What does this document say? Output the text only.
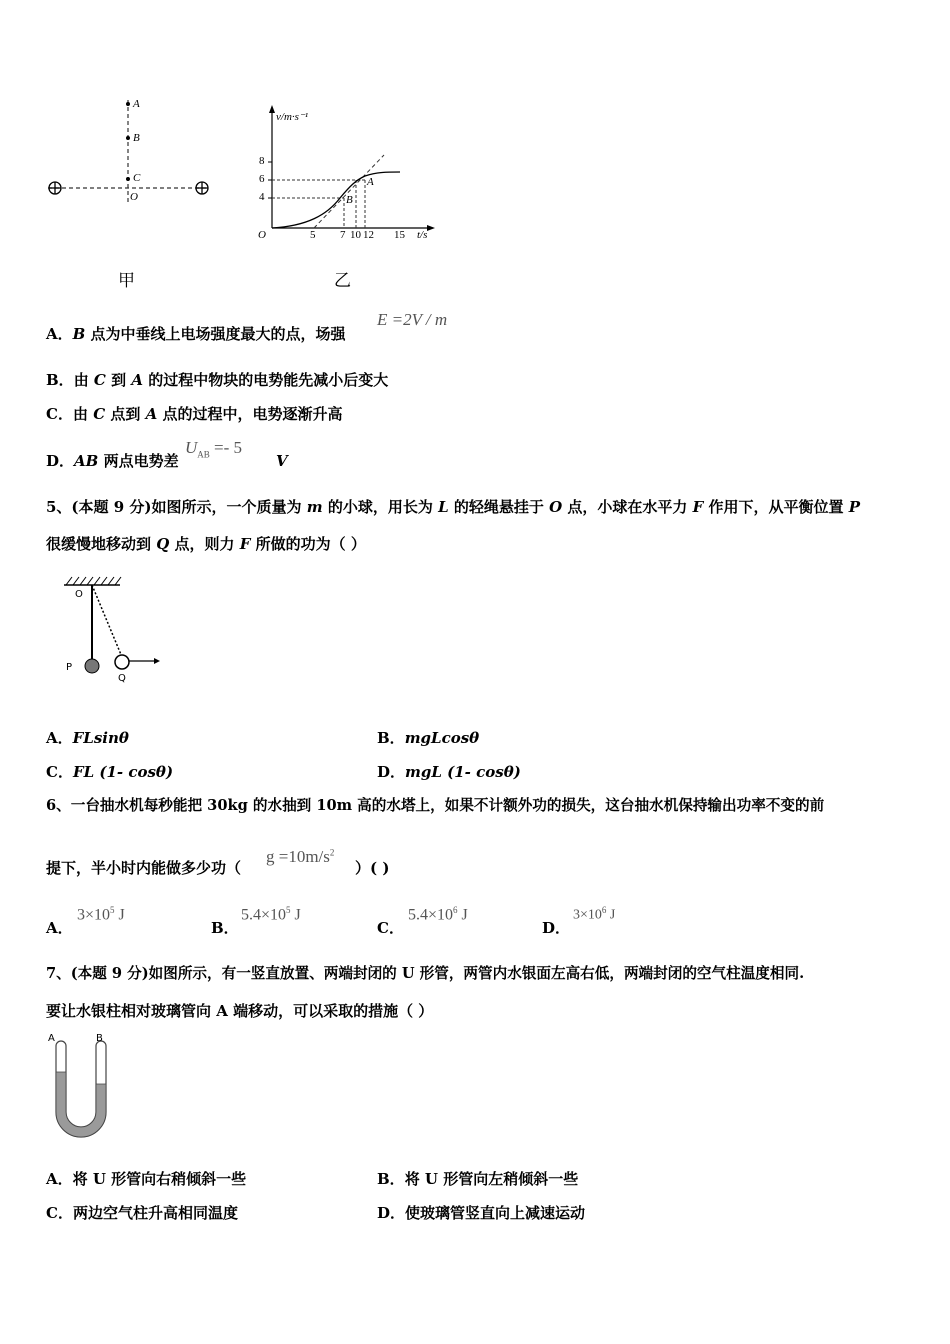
A
B
C
O
甲
v/m·s⁻¹
8
6
4
O	5 7 10 12 15 t/s
A
B
乙
A．B 点为中垂线上电场强度最大的点，场强
E =2V / m
B．由 C 到 A 的过程中物块的电势能先减小后变大
C．由 C 点到 A 点的过程中，电势逐渐升高
D．AB 两点电势差
$U_{AB} =- 5$
V
5、(本题 9 分)如图所示，一个质量为 m 的小球，用长为 L 的轻绳悬挂于 O 点，小球在水平力 F 作用下，从平衡位置 P
很缓慢地移动到 Q 点，则力 F 所做的功为（ ）
O
P
Q
A．FLsinθ	B．mgLcosθ
C．FL (1- cosθ)	D．mgL (1- cosθ)
6、一台抽水机每秒能把 30kg 的水抽到 10m 高的水塔上，如果不计额外功的损失，这台抽水机保持输出功率不变的前
提下，半小时内能做多少功（
$g =10m/s^2$
）( )
A．
$3\times 10^5$ J
B．
$5.4\times 10^5$ J
C．
$5.4\times 10^6$ J
D．
$3\times 10^6$ J
7、(本题 9 分)如图所示，有一竖直放置、两端封闭的 U 形管，两管内水银面左高右低，两端封闭的空气柱温度相同.
要让水银柱相对玻璃管向 A 端移动，可以采取的措施（ ）
A	B
A．将 U 形管向右稍倾斜一些	B．将 U 形管向左稍倾斜一些
C．两边空气柱升高相同温度	D．使玻璃管竖直向上减速运动
